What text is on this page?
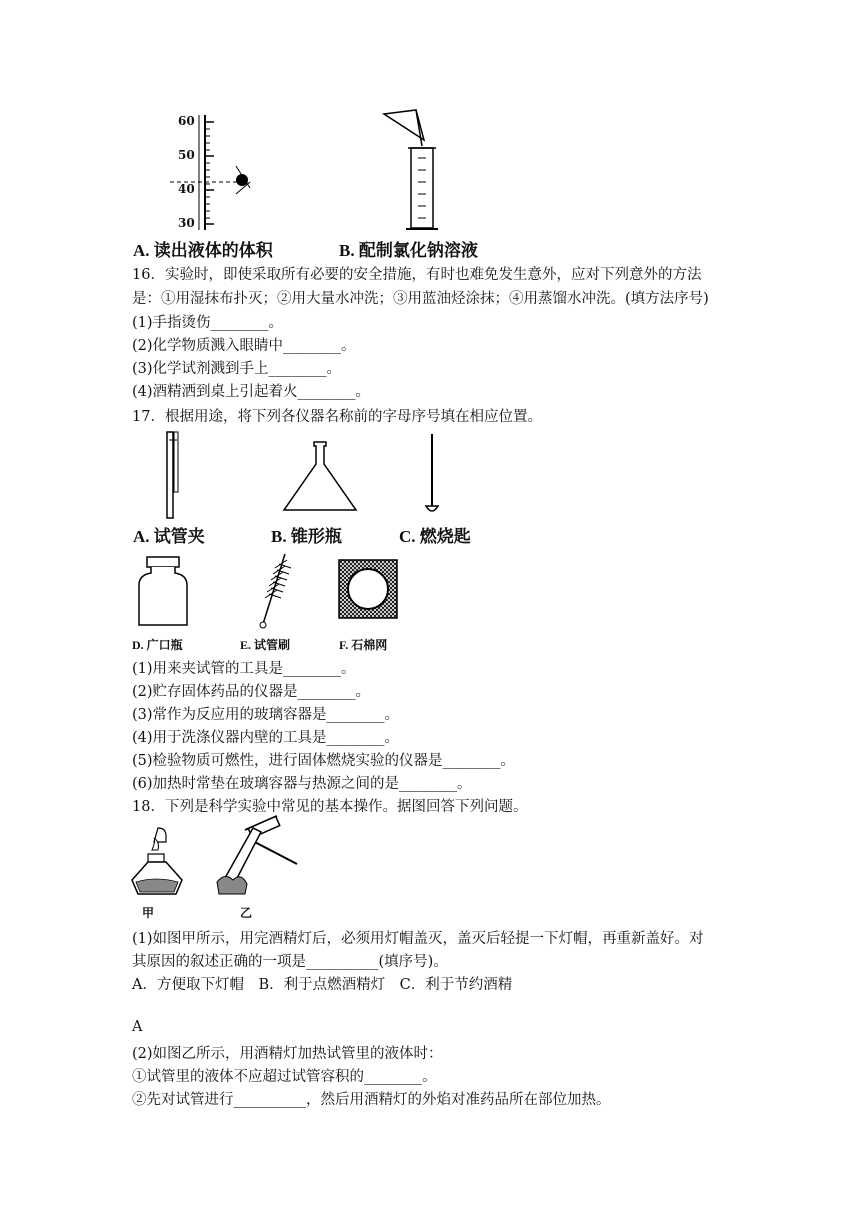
60
50
40
30
A. 读出液体的体积	B. 配制氯化钠溶液
16．实验时，即使采取所有必要的安全措施，有时也难免发生意外，应对下列意外的方法
是：①用湿抹布扑灭；②用大量水冲洗；③用蓝油烃涂抹；④用蒸馏水冲洗。(填方法序号)
(1)手指烫伤________。
(2)化学物质溅入眼睛中________。
(3)化学试剂溅到手上________。
(4)酒精洒到桌上引起着火________。
17．根据用途，将下列各仪器名称前的字母序号填在相应位置。
A. 试管夹	B. 锥形瓶	C. 燃烧匙
D. 广口瓶	E. 试管刷	F. 石棉网
(1)用来夹试管的工具是________。
(2)贮存固体药品的仪器是________。
(3)常作为反应用的玻璃容器是________。
(4)用于洗涤仪器内壁的工具是________。
(5)检验物质可燃性，进行固体燃烧实验的仪器是________。
(6)加热时常垫在玻璃容器与热源之间的是________。
18．下列是科学实验中常见的基本操作。据图回答下列问题。
甲	乙
(1)如图甲所示，用完酒精灯后，必须用灯帽盖灭，盖灭后轻提一下灯帽，再重新盖好。对
其原因的叙述正确的一项是__________(填序号)。
A．方便取下灯帽　B．利于点燃酒精灯　C．利于节约酒精
A
(2)如图乙所示，用酒精灯加热试管里的液体时：
①试管里的液体不应超过试管容积的________。
②先对试管进行__________，然后用酒精灯的外焰对准药品所在部位加热。
